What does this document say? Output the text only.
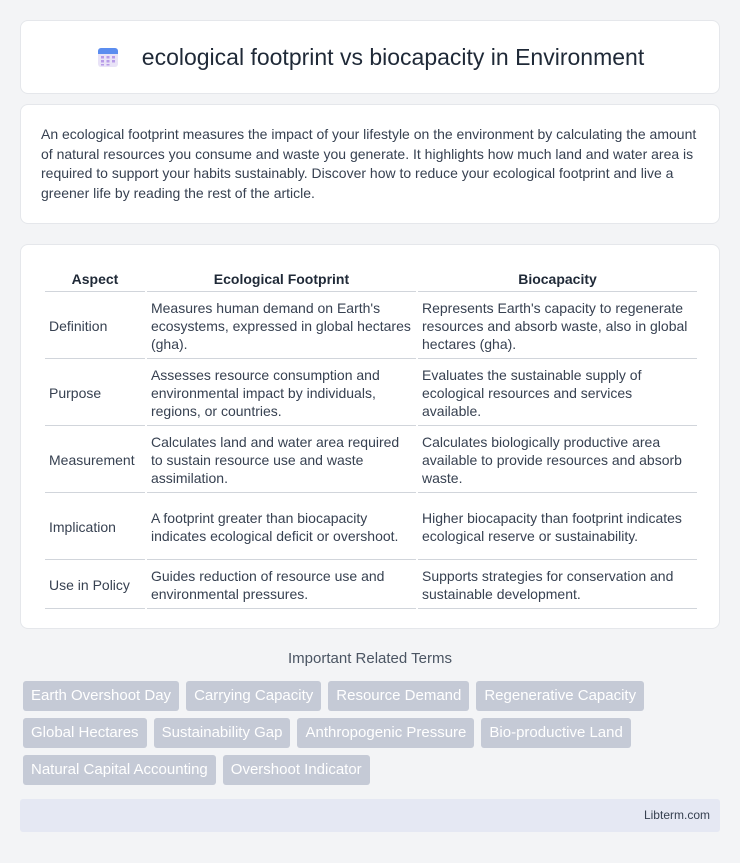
ecological footprint vs biocapacity in Environment
An ecological footprint measures the impact of your lifestyle on the environment by calculating the amount of natural resources you consume and waste you generate. It highlights how much land and water area is required to support your habits sustainably. Discover how to reduce your ecological footprint and live a greener life by reading the rest of the article.
Aspect	Ecological Footprint	Biocapacity
Definition	Measures human demand on Earth's ecosystems, expressed in global hectares (gha).	Represents Earth's capacity to regenerate resources and absorb waste, also in global hectares (gha).
Purpose	Assesses resource consumption and environmental impact by individuals, regions, or countries.	Evaluates the sustainable supply of ecological resources and services available.
Measurement	Calculates land and water area required to sustain resource use and waste assimilation.	Calculates biologically productive area available to provide resources and absorb waste.
Implication	A footprint greater than biocapacity indicates ecological deficit or overshoot.	Higher biocapacity than footprint indicates ecological reserve or sustainability.
Use in Policy	Guides reduction of resource use and environmental pressures.	Supports strategies for conservation and sustainable development.
Important Related Terms
Earth Overshoot Day	Carrying Capacity	Resource Demand	Regenerative Capacity
Global Hectares	Sustainability Gap	Anthropogenic Pressure	Bio-productive Land
Natural Capital Accounting	Overshoot Indicator
Libterm.com
